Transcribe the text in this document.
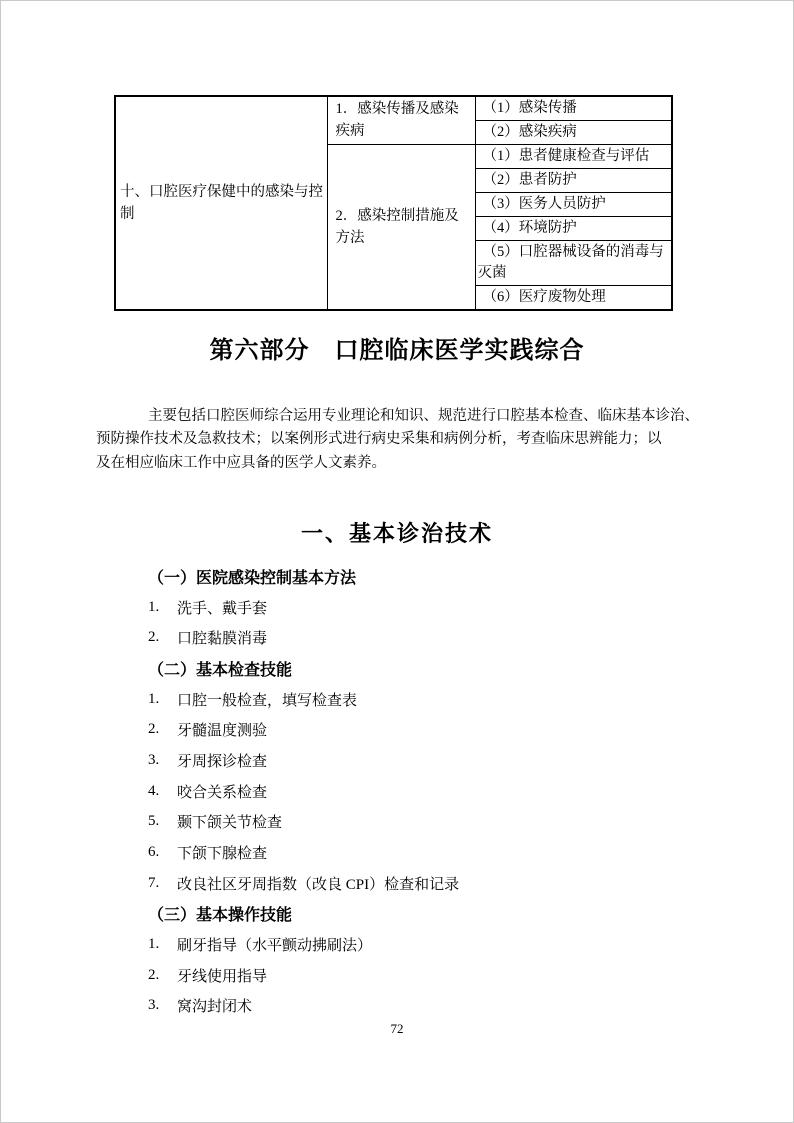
十、口腔医疗保健中的感染与控制	1．感染传播及感染疾病	（1）感染传播
		（2）感染疾病
	2．感染控制措施及方法	（1）患者健康检查与评估
		（2）患者防护
		（3）医务人员防护
		（4）环境防护
		（5）口腔器械设备的消毒与灭菌
		（6）医疗废物处理
第六部分　口腔临床医学实践综合
主要包括口腔医师综合运用专业理论和知识、规范进行口腔基本检查、临床基本诊治、
预防操作技术及急救技术；以案例形式进行病史采集和病例分析，考查临床思辨能力；以
及在相应临床工作中应具备的医学人文素养。
一、基本诊治技术
（一）医院感染控制基本方法
1.	洗手、戴手套
2.	口腔黏膜消毒
（二）基本检查技能
1.	口腔一般检查，填写检查表
2.	牙髓温度测验
3.	牙周探诊检查
4.	咬合关系检查
5.	颞下颌关节检查
6.	下颌下腺检查
7.	改良社区牙周指数（改良 CPI）检查和记录
（三）基本操作技能
1.	刷牙指导（水平颤动拂刷法）
2.	牙线使用指导
3.	窝沟封闭术
72
